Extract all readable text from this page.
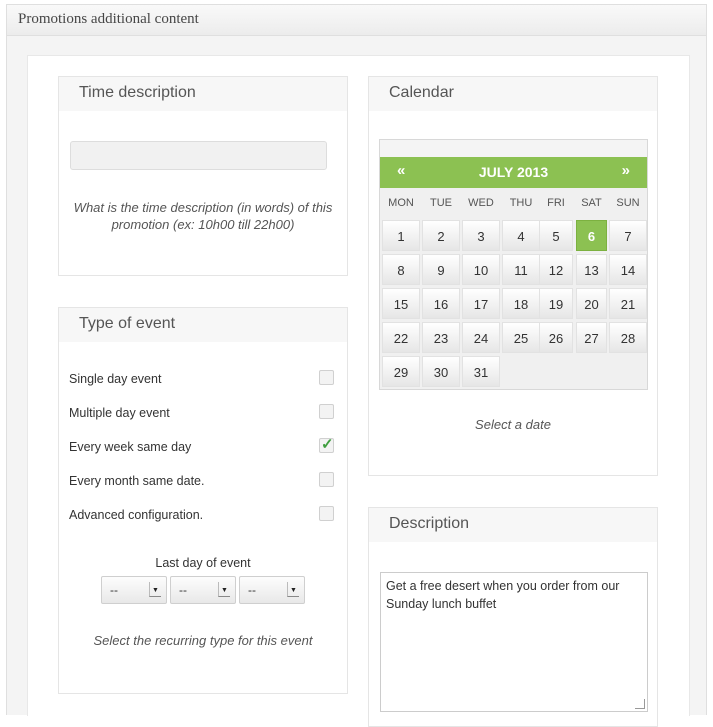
Promotions additional content
Time description
What is the time description (in words) of this promotion (ex: 10h00 till 22h00)
Type of event
Single day event
Multiple day event
Every week same day	✓
Every month same date.
Advanced configuration.
Last day of event
--	▼ --	▼ --	▼
Select the recurring type for this event
Calendar
«	JULY 2013	»
MON	TUE	WED	THU	FRI	SAT	SUN
1	2	3	4	5	6	7
8	9	10	11	12	13	14
15	16	17	18	19	20	21
22	23	24	25	26	27	28
29	30	31
Select a date
Description
Get a free desert when you order from our Sunday lunch buffet
